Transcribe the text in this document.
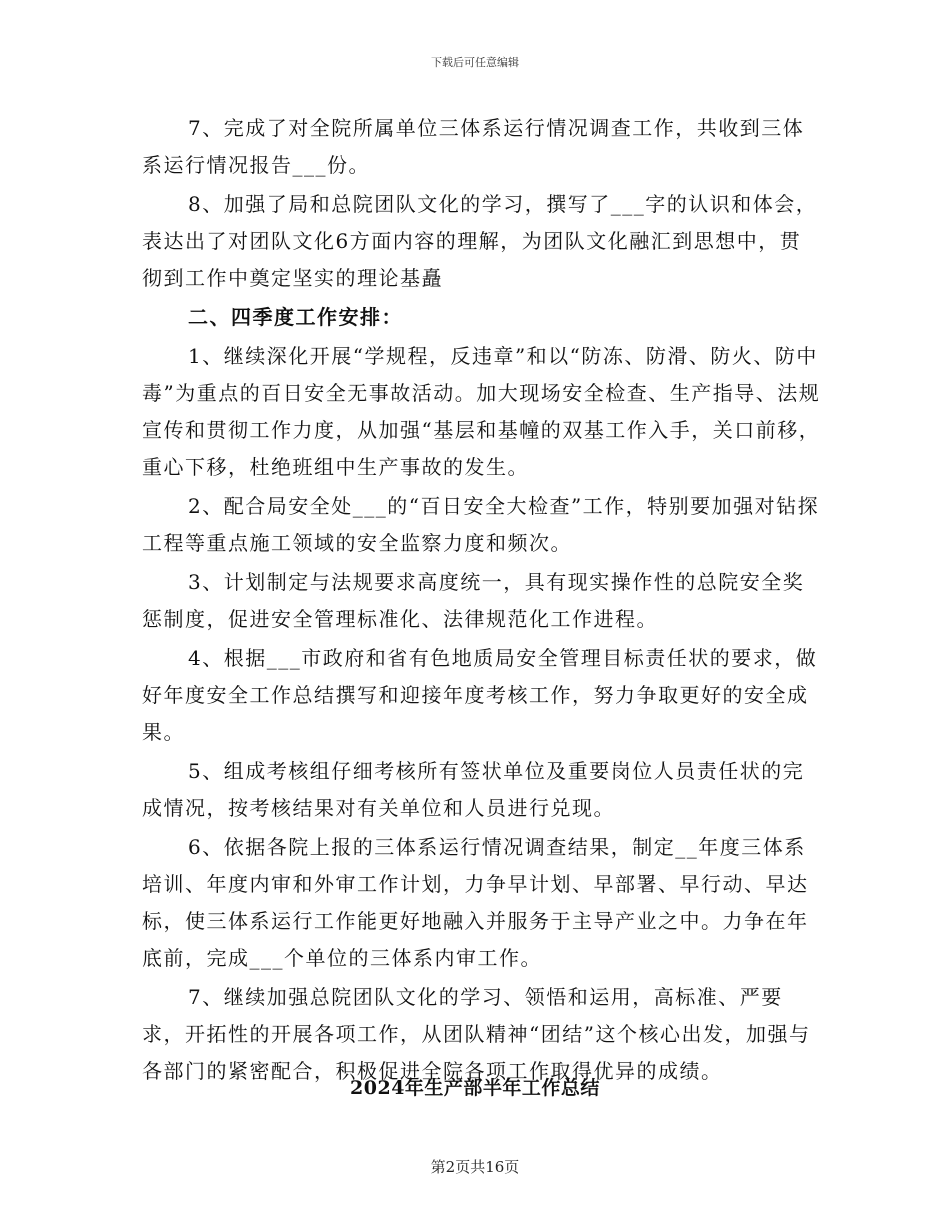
下载后可任意编辑

7、完成了对全院所属单位三体系运行情况调查工作，共收到三体系运行情况报告___份。

8、加强了局和总院团队文化的学习，撰写了___字的认识和体会，表达出了对团队文化6方面内容的理解，为团队文化融汇到思想中，贯彻到工作中奠定坚实的理论基矗

二、四季度工作安排：

1、继续深化开展“学规程，反违章”和以“防冻、防滑、防火、防中毒”为重点的百日安全无事故活动。加大现场安全检查、生产指导、法规宣传和贯彻工作力度，从加强“基层和基幢的双基工作入手，关口前移，重心下移，杜绝班组中生产事故的发生。

2、配合局安全处___的“百日安全大检查”工作，特别要加强对钻探工程等重点施工领域的安全监察力度和频次。

3、计划制定与法规要求高度统一，具有现实操作性的总院安全奖惩制度，促进安全管理标准化、法律规范化工作进程。

4、根据___市政府和省有色地质局安全管理目标责任状的要求，做好年度安全工作总结撰写和迎接年度考核工作，努力争取更好的安全成果。

5、组成考核组仔细考核所有签状单位及重要岗位人员责任状的完成情况，按考核结果对有关单位和人员进行兑现。

6、依据各院上报的三体系运行情况调查结果，制定__年度三体系培训、年度内审和外审工作计划，力争早计划、早部署、早行动、早达标，使三体系运行工作能更好地融入并服务于主导产业之中。力争在年底前，完成___个单位的三体系内审工作。

7、继续加强总院团队文化的学习、领悟和运用，高标准、严要求，开拓性的开展各项工作，从团队精神“团结”这个核心出发，加强与各部门的紧密配合，积极促进全院各项工作取得优异的成绩。

2024年生产部半年工作总结
第2页共16页
